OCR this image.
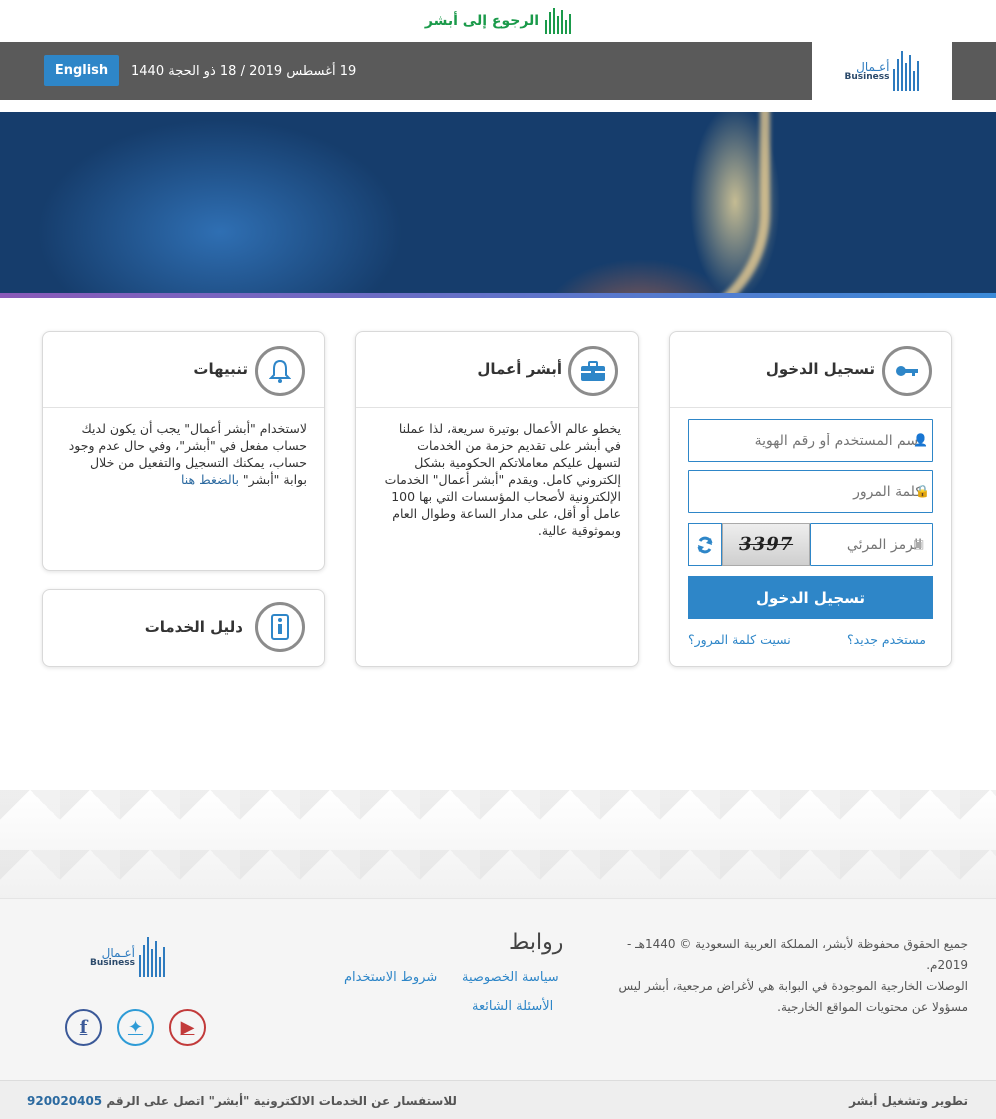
الرجوع إلى أبشر
English	19 أغسطس 2019 / 18 ذو الحجة 1440	أعـمال
Business
تسجيل الدخول
اسم المستخدم أو رقم الهوية
👤
🔒
الرمز المرئي
▣
3397
تسجيل الدخول
مستخدم جديد؟
نسيت كلمة المرور؟
أبشر أعمال
يخطو عالم الأعمال بوتيرة سريعة، لذا عملنا في أبشر على تقديم حزمة من الخدمات لتسهل عليكم معاملاتكم الحكومية بشكل إلكتروني كامل. ويقدم "أبشر أعمال" الخدمات الإلكترونية لأصحاب المؤسسات التي بها 100 عامل أو أقل، على مدار الساعة وطوال العام وبموثوقية عالية.
تنبيهات
لاستخدام "أبشر أعمال" يجب أن يكون لديك حساب مفعل في "أبشر"، وفي حال عدم وجود حساب، يمكنك التسجيل والتفعيل من خلال بوابة "أبشر" بالضغط هنا
دليل الخدمات
جميع الحقوق محفوظة لأبشر، المملكة العربية السعودية © 1440هـ - 2019م.
الوصلات الخارجية الموجودة في البوابة هي لأغراض مرجعية، أبشر ليس مسؤولا عن محتويات المواقع الخارجية.
روابط
سياسة الخصوصية
شروط الاستخدام
الأسئلة الشائعة
أعـمال
Business
▶
✦
f
للاستفسار عن الخدمات الالكترونية "أبشر" اتصل على الرقم 920020405	تطوير وتشغيل أبشر
